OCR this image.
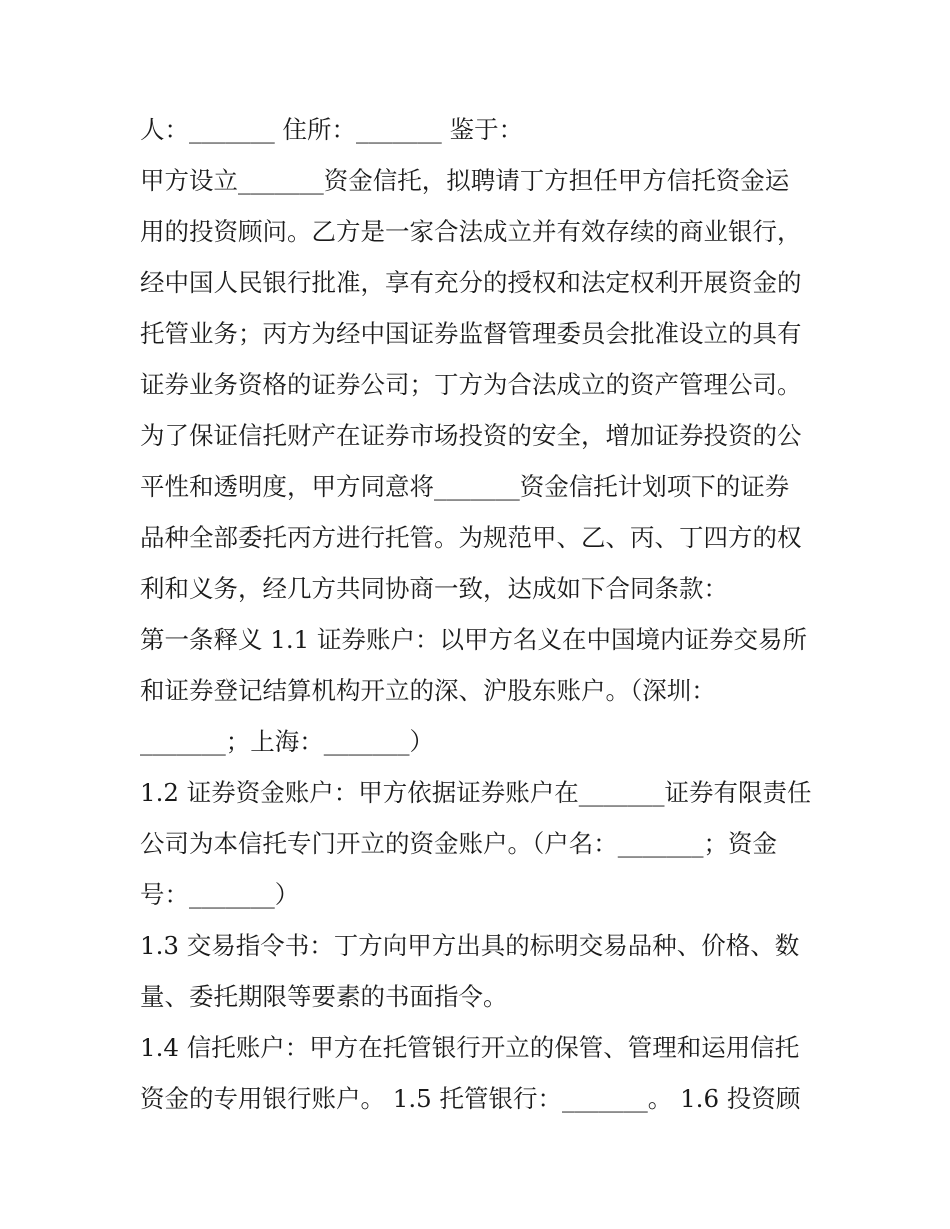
人：_______ 住所：_______ 鉴于：
甲方设立_______资金信托，拟聘请丁方担任甲方信托资金运
用的投资顾问。乙方是一家合法成立并有效存续的商业银行，
经中国人民银行批准，享有充分的授权和法定权利开展资金的
托管业务；丙方为经中国证券监督管理委员会批准设立的具有
证券业务资格的证券公司；丁方为合法成立的资产管理公司。
为了保证信托财产在证券市场投资的安全，增加证券投资的公
平性和透明度，甲方同意将_______资金信托计划项下的证券
品种全部委托丙方进行托管。为规范甲、乙、丙、丁四方的权
利和义务，经几方共同协商一致，达成如下合同条款：
第一条释义 1.1 证券账户：以甲方名义在中国境内证券交易所
和证券登记结算机构开立的深、沪股东账户。（深圳：
_______；上海：_______）
1.2 证券资金账户：甲方依据证券账户在_______证券有限责任
公司为本信托专门开立的资金账户。（户名：_______；资金
号：_______）
1.3 交易指令书：丁方向甲方出具的标明交易品种、价格、数
量、委托期限等要素的书面指令。
1.4 信托账户：甲方在托管银行开立的保管、管理和运用信托
资金的专用银行账户。 1.5 托管银行：_______。 1.6 投资顾
